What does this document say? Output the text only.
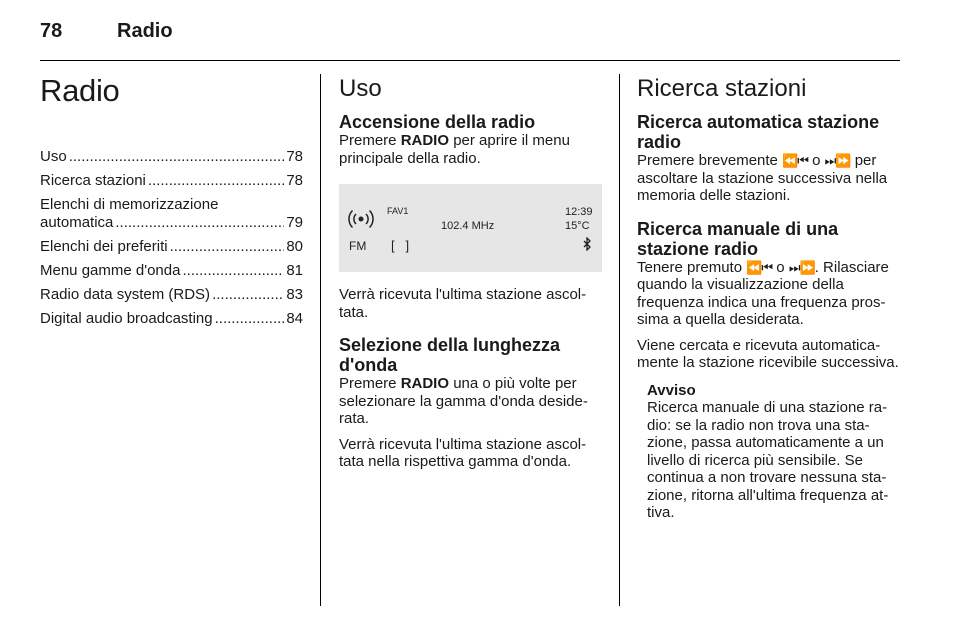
78	Radio
Radio
Uso .....	78
Ricerca stazioni .....	78
Elenchi di memorizzazione
automatica .....	79
Elenchi dei preferiti .....	80
Menu gamme d'onda .....	81
Radio data system (RDS) .....	83
Digital audio broadcasting .....	84
Uso
Accensione della radio

Premere RADIO per aprire il menu principale della radio.

FM
FAV1
[   ]
102.4 MHz
12:39
15°C

Verrà ricevuta l'ultima stazione ascoltata.

Selezione della lunghezza d'onda

Premere RADIO una o più volte per selezionare la gamma d'onda desiderata.

Verrà ricevuta l'ultima stazione ascoltata nella rispettiva gamma d'onda.

Ricerca stazioni
Ricerca automatica stazione radio

Premere brevemente ⏪⏮ o ⏭⏩ per ascoltare la stazione successiva nella memoria delle stazioni.

Ricerca manuale di una stazione radio

Tenere premuto ⏪⏮ o ⏭⏩. Rilasciare quando la visualizzazione della frequenza indica una frequenza prossima a quella desiderata.

Viene cercata e ricevuta automaticamente la stazione ricevibile successiva.

Avviso

Ricerca manuale di una stazione radio: se la radio non trova una stazione, passa automaticamente a un livello di ricerca più sensibile. Se continua a non trovare nessuna stazione, ritorna all'ultima frequenza attiva.
